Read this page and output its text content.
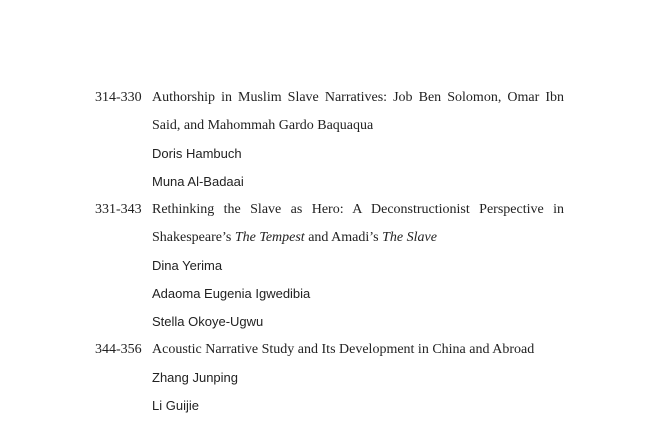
314-330 Authorship in Muslim Slave Narratives: Job Ben Solomon, Omar Ibn
Said, and Mahommah Gardo Baquaqua
Doris Hambuch
Muna Al-Badaai
331-343 Rethinking the Slave as Hero: A Deconstructionist Perspective in
Shakespeare’s The Tempest and Amadi’s The Slave
Dina Yerima
Adaoma Eugenia Igwedibia
Stella Okoye-Ugwu
344-356 Acoustic Narrative Study and Its Development in China and Abroad
Zhang Junping
Li Guijie
